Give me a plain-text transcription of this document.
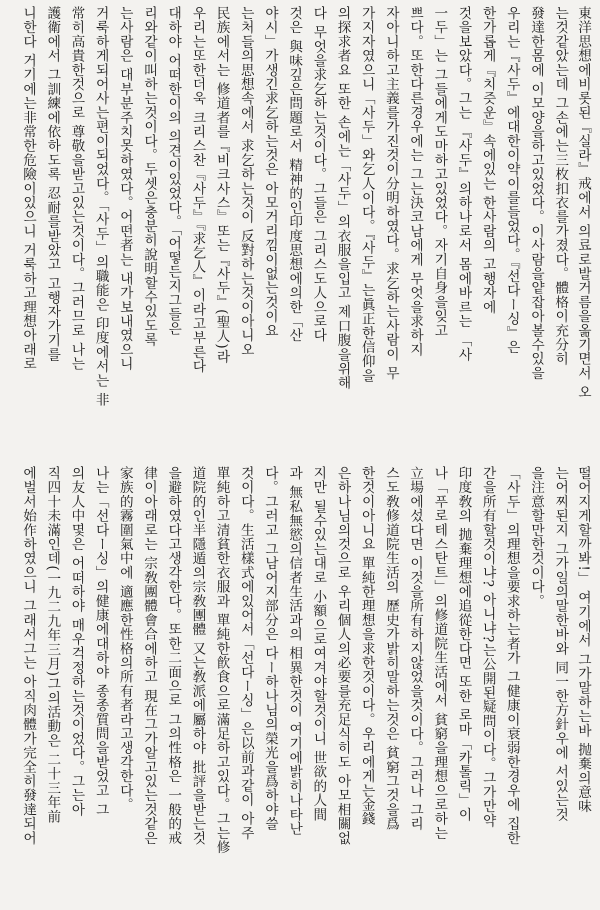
東洋思想에비롯된『실라』戒에서 의료로발거름을옮기면서 오
는것같았는데 그손에는三枚扣衣를가졌다。體格이充分히
發達한몸에 이모양을하고있었다。이사람을얕잡아볼수있을
우리는『사두』에대한이약이를들었다。『선다ー싱』은
한가롭게『치즛운』속에있는 한사람의 고행자에
것을보았다。그는 『사두』의하나로서 몸에바르는 「사
一두」는 그들에게도마하고있었다。자기自身을잊고
쁘다。또한다른경우에는 그는決코남에게 무엇을求하지
자아니하고主義를가진것이分明하였다。求乞하는사람이 무
가지자였으니「사두」와乞人이다。『사두』는眞正한信仰을
의探求者요 또한 손에는「사두」의衣服을입고 제口腹을위해
다 무엇을求乞하는것이다。그들은 그리스도人으로다
것은 與味깊은問題로서 精神的인印度思想에의한「산
야시」가생긴求乞하는것은 아모거리낌이없는것이요
는처들의思想속에서 求乞하는것이 反對하는것이아니오
民族에서는 修道者를『비크사스』또는『사두』(聖人)라
우리는또한더욱 크리스찬『사두』『求乞人』이라고부른다
대하야 어떠한이의 의견이있었다。「어떻든지그들은
리와같이叫하는것이다。두셋은충분히說明할수있도록
는사람은 대부분주치못하였다。어떤者는 내가보내였으니
거룩하게되어사는편이되었다。「사두」의職能은 印度에서는 非
常히高貴한것으로 尊敬을받고있는것이다。그러므로 나는
護衛에서 그訓練에依하도록 忍耐를받았고 고행자가기를
니한다 거기에는非常한危險이있으니 거룩하고理想아래로
떨어지게할까봐!」 여기에서 그가말하는바 抛棄의意味
는어찌된지 그가일의말한바와 同一한方針우에 서있는것
을注意할만한것이다。
「사두」의理想을要求하는者가 그健康이衰弱한경우에 집한
간을所有할것이냐? 아니냐?는公開된疑問이다。그가만약
印度敎의 抛棄理想에追從한다면 또한 로마「카톨릭」이
나「푸로테스탄트」의修道院生活에서 貧窮을理想으로하는
立場에섰다면 이것을所有하지않었을것이다。그러나 그리
스도敎修道院生活의 歷史가밝히말하는것은 貧窮그것을爲
한것이아니요 單純한理想을求한것이다。우리에게는金錢
은하나님의것으로 우리個人의必要를充足식히도 아모相關없
지만 될수있는대로 小額으로여겨야할것이니 世欲的人間
과 無私無慾의信者生活과의 相異한것이 여기에밝히나타난
다。그러고 그남어지部分은 다ー하나님의榮光을爲하야쓸
것이다。生活樣式에있어서「선다ー싱」은以前과같이 아주
單純하고清貧한衣服과 單純한飮食으로滿足하고있다。그는修
道院的인半隱遁의宗敎團體 又는敎派에屬하야 批評을받는것
을避하였다고생각한다。또한二面으로 그의性格은 一般的戒
律이아래로는 宗敎團體會合에하고 現在그가알고있는것같은
家族的霧圍氣中에 適應한性格의所有者라고생각한다。
나는「선다ー싱」의健康에대하야 종종質問을받었고 그
의友人中몇은 어떠하야 매우걱정하는것이었다。그는아
직四十未滿인데(一九二九年三月)그의活動은 二十三年前
에벌서始作하였으니 그래서그는 아직肉體가完全히發達되어
